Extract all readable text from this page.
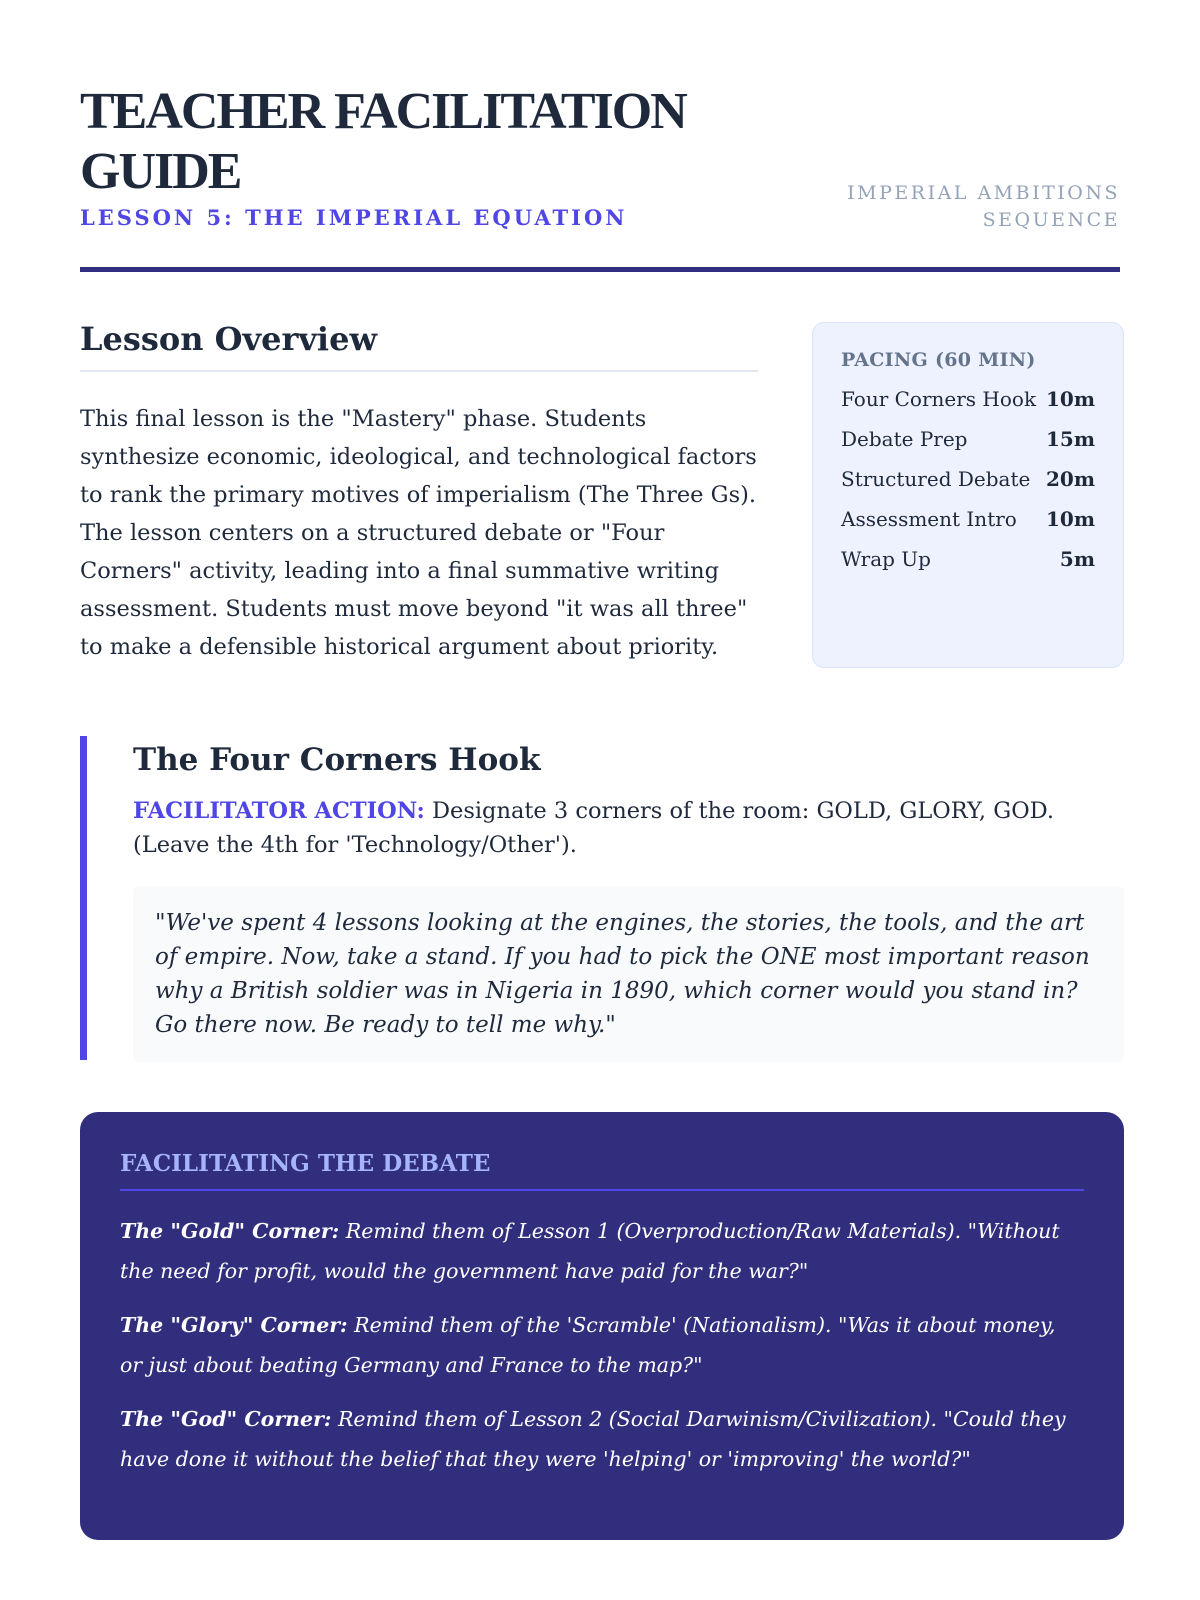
TEACHER FACILITATION
GUIDE
LESSON 5: THE IMPERIAL EQUATION
IMPERIAL AMBITIONS
SEQUENCE
Lesson Overview

This final lesson is the "Mastery" phase. Students synthesize economic, ideological, and technological factors to rank the primary motives of imperialism (The Three Gs). The lesson centers on a structured debate or "Four Corners" activity, leading into a final summative writing assessment. Students must move beyond "it was all three" to make a defensible historical argument about priority.

PACING (60 MIN)
Four Corners Hook 10m
Debate Prep	15m
Structured Debate 20m
Assessment Intro 10m
Wrap Up	5m
The Four Corners Hook

FACILITATOR ACTION: Designate 3 corners of the room: GOLD, GLORY, GOD. (Leave the 4th for 'Technology/Other').

"We've spent 4 lessons looking at the engines, the stories, the tools, and the art of empire. Now, take a stand. If you had to pick the ONE most important reason why a British soldier was in Nigeria in 1890, which corner would you stand in? Go there now. Be ready to tell me why."
FACILITATING THE DEBATE

The "Gold" Corner: Remind them of Lesson 1 (Overproduction/Raw Materials). "Without the need for profit, would the government have paid for the war?"

The "Glory" Corner: Remind them of the 'Scramble' (Nationalism). "Was it about money, or just about beating Germany and France to the map?"

The "God" Corner: Remind them of Lesson 2 (Social Darwinism/Civilization). "Could they have done it without the belief that they were 'helping' or 'improving' the world?"
